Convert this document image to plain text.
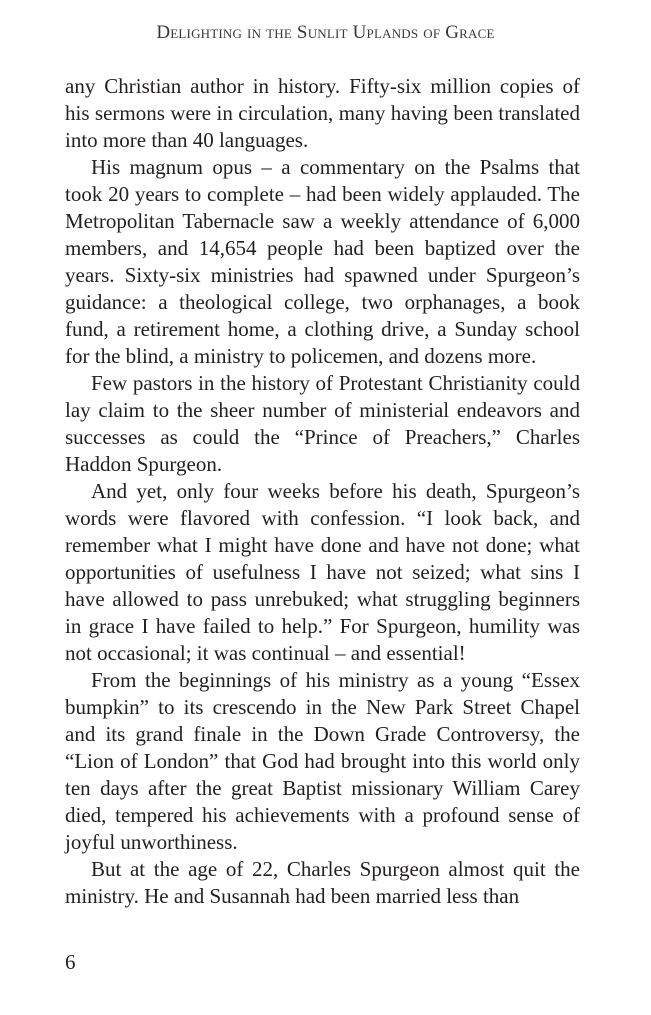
Delighting in the Sunlit Uplands of Grace

any Christian author in history. Fifty-six million copies of his sermons were in circulation, many having been translated into more than 40 languages.

His magnum opus – a commentary on the Psalms that took 20 years to complete – had been widely applauded. The Metropolitan Tabernacle saw a weekly attendance of 6,000 members, and 14,654 people had been baptized over the years. Sixty-six ministries had spawned under Spurgeon’s guidance: a theological college, two orphanages, a book fund, a retirement home, a clothing drive, a Sunday school for the blind, a ministry to policemen, and dozens more.

Few pastors in the history of Protestant Christianity could lay claim to the sheer number of ministerial endeavors and successes as could the “Prince of Preachers,” Charles Haddon Spurgeon.

And yet, only four weeks before his death, Spurgeon’s words were flavored with confession. “I look back, and remember what I might have done and have not done; what opportunities of usefulness I have not seized; what sins I have allowed to pass unrebuked; what struggling beginners in grace I have failed to help.” For Spurgeon, humility was not occasional; it was continual – and essential!

From the beginnings of his ministry as a young “Essex bumpkin” to its crescendo in the New Park Street Chapel and its grand finale in the Down Grade Controversy, the “Lion of London” that God had brought into this world only ten days after the great Baptist missionary William Carey died, tempered his achievements with a profound sense of joyful unworthiness.

But at the age of 22, Charles Spurgeon almost quit the ministry. He and Susannah had been married less than

6
